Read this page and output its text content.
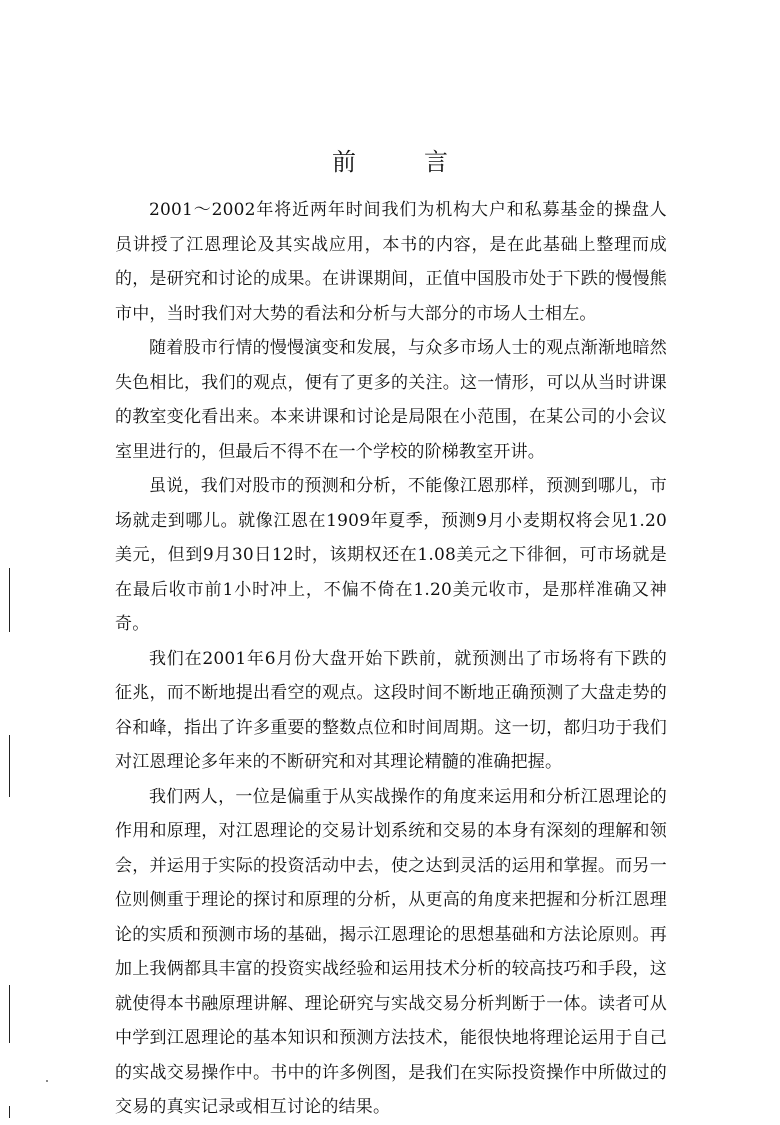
前　言

2001～2002年将近两年时间我们为机构大户和私募基金的操盘人员讲授了江恩理论及其实战应用，本书的内容，是在此基础上整理而成的，是研究和讨论的成果。在讲课期间，正值中国股市处于下跌的慢慢熊市中，当时我们对大势的看法和分析与大部分的市场人士相左。

随着股市行情的慢慢演变和发展，与众多市场人士的观点渐渐地暗然失色相比，我们的观点，便有了更多的关注。这一情形，可以从当时讲课的教室变化看出来。本来讲课和讨论是局限在小范围，在某公司的小会议室里进行的，但最后不得不在一个学校的阶梯教室开讲。

虽说，我们对股市的预测和分析，不能像江恩那样，预测到哪儿，市场就走到哪儿。就像江恩在1909年夏季，预测9月小麦期权将会见1.20美元，但到9月30日12时，该期权还在1.08美元之下徘徊，可市场就是在最后收市前1小时冲上，不偏不倚在1.20美元收市，是那样准确又神奇。

我们在2001年6月份大盘开始下跌前，就预测出了市场将有下跌的征兆，而不断地提出看空的观点。这段时间不断地正确预测了大盘走势的谷和峰，指出了许多重要的整数点位和时间周期。这一切，都归功于我们对江恩理论多年来的不断研究和对其理论精髓的准确把握。

我们两人，一位是偏重于从实战操作的角度来运用和分析江恩理论的作用和原理，对江恩理论的交易计划系统和交易的本身有深刻的理解和领会，并运用于实际的投资活动中去，使之达到灵活的运用和掌握。而另一位则侧重于理论的探讨和原理的分析，从更高的角度来把握和分析江恩理论的实质和预测市场的基础，揭示江恩理论的思想基础和方法论原则。再加上我俩都具丰富的投资实战经验和运用技术分析的较高技巧和手段，这就使得本书融原理讲解、理论研究与实战交易分析判断于一体。读者可从中学到江恩理论的基本知识和预测方法技术，能很快地将理论运用于自己的实战交易操作中。书中的许多例图，是我们在实际投资操作中所做过的交易的真实记录或相互讨论的结果。
